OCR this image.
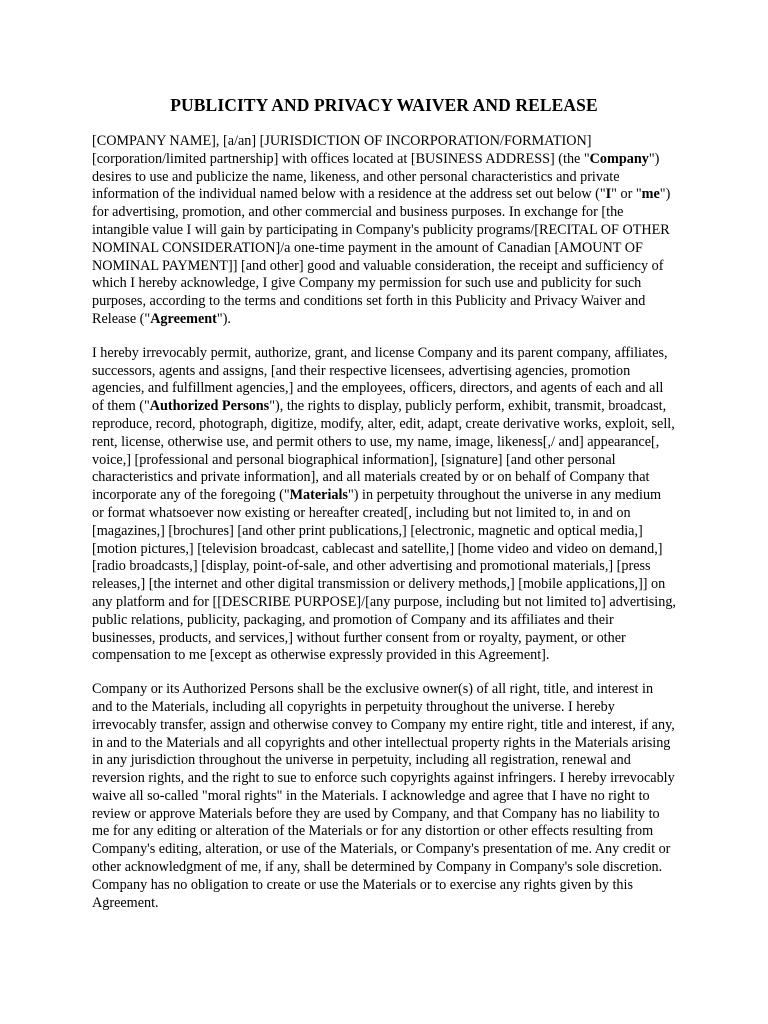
PUBLICITY AND PRIVACY WAIVER AND RELEASE

[COMPANY NAME], [a/an] [JURISDICTION OF INCORPORATION/FORMATION] [corporation/limited partnership] with offices located at [BUSINESS ADDRESS] (the "Company") desires to use and publicize the name, likeness, and other personal characteristics and private information of the individual named below with a residence at the address set out below ("I" or "me") for advertising, promotion, and other commercial and business purposes. In exchange for [the intangible value I will gain by participating in Company's publicity programs/[RECITAL OF OTHER NOMINAL CONSIDERATION]/a one-time payment in the amount of Canadian [AMOUNT OF NOMINAL PAYMENT]] [and other] good and valuable consideration, the receipt and sufficiency of which I hereby acknowledge, I give Company my permission for such use and publicity for such purposes, according to the terms and conditions set forth in this Publicity and Privacy Waiver and Release ("Agreement").

I hereby irrevocably permit, authorize, grant, and license Company and its parent company, affiliates, successors, agents and assigns, [and their respective licensees, advertising agencies, promotion agencies, and fulfillment agencies,] and the employees, officers, directors, and agents of each and all of them ("Authorized Persons"), the rights to display, publicly perform, exhibit, transmit, broadcast, reproduce, record, photograph, digitize, modify, alter, edit, adapt, create derivative works, exploit, sell, rent, license, otherwise use, and permit others to use, my name, image, likeness[,/ and] appearance[, voice,] [professional and personal biographical information], [signature] [and other personal characteristics and private information], and all materials created by or on behalf of Company that incorporate any of the foregoing ("Materials") in perpetuity throughout the universe in any medium or format whatsoever now existing or hereafter created[, including but not limited to, in and on [magazines,] [brochures] [and other print publications,] [electronic, magnetic and optical media,] [motion pictures,] [television broadcast, cablecast and satellite,] [home video and video on demand,] [radio broadcasts,] [display, point-of-sale, and other advertising and promotional materials,] [press releases,] [the internet and other digital transmission or delivery methods,] [mobile applications,]] on any platform and for [[DESCRIBE PURPOSE]/[any purpose, including but not limited to] advertising, public relations, publicity, packaging, and promotion of Company and its affiliates and their businesses, products, and services,] without further consent from or royalty, payment, or other compensation to me [except as otherwise expressly provided in this Agreement].

Company or its Authorized Persons shall be the exclusive owner(s) of all right, title, and interest in and to the Materials, including all copyrights in perpetuity throughout the universe. I hereby irrevocably transfer, assign and otherwise convey to Company my entire right, title and interest, if any, in and to the Materials and all copyrights and other intellectual property rights in the Materials arising in any jurisdiction throughout the universe in perpetuity, including all registration, renewal and reversion rights, and the right to sue to enforce such copyrights against infringers. I hereby irrevocably waive all so-called "moral rights" in the Materials. I acknowledge and agree that I have no right to review or approve Materials before they are used by Company, and that Company has no liability to me for any editing or alteration of the Materials or for any distortion or other effects resulting from Company's editing, alteration, or use of the Materials, or Company's presentation of me. Any credit or other acknowledgment of me, if any, shall be determined by Company in Company's sole discretion. Company has no obligation to create or use the Materials or to exercise any rights given by this Agreement.
